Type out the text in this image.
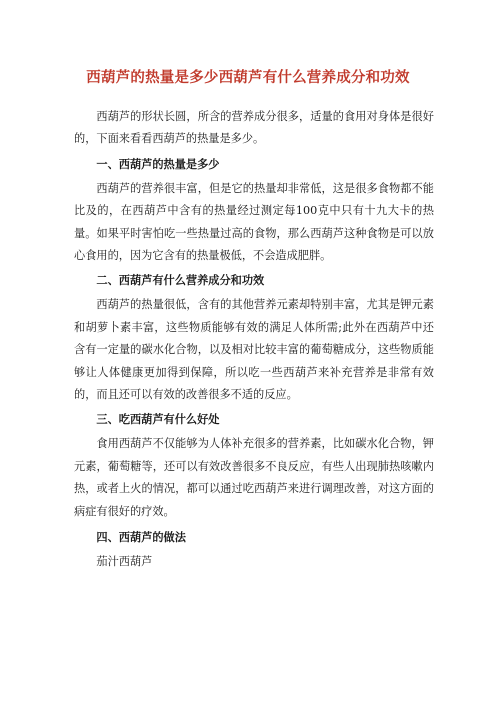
西葫芦的热量是多少西葫芦有什么营养成分和功效

西葫芦的形状长圆，所含的营养成分很多，适量的食用对身体是很好的，下面来看看西葫芦的热量是多少。

一、西葫芦的热量是多少

西葫芦的营养很丰富，但是它的热量却非常低，这是很多食物都不能比及的，在西葫芦中含有的热量经过测定每100克中只有十九大卡的热量。如果平时害怕吃一些热量过高的食物，那么西葫芦这种食物是可以放心食用的，因为它含有的热量极低，不会造成肥胖。

二、西葫芦有什么营养成分和功效

西葫芦的热量很低，含有的其他营养元素却特别丰富，尤其是钾元素和胡萝卜素丰富，这些物质能够有效的满足人体所需;此外在西葫芦中还含有一定量的碳水化合物，以及相对比较丰富的葡萄糖成分，这些物质能够让人体健康更加得到保障，所以吃一些西葫芦来补充营养是非常有效的，而且还可以有效的改善很多不适的反应。

三、吃西葫芦有什么好处

食用西葫芦不仅能够为人体补充很多的营养素，比如碳水化合物，钾元素，葡萄糖等，还可以有效改善很多不良反应，有些人出现肺热咳嗽内热，或者上火的情况，都可以通过吃西葫芦来进行调理改善，对这方面的病症有很好的疗效。

四、西葫芦的做法

茄汁西葫芦
